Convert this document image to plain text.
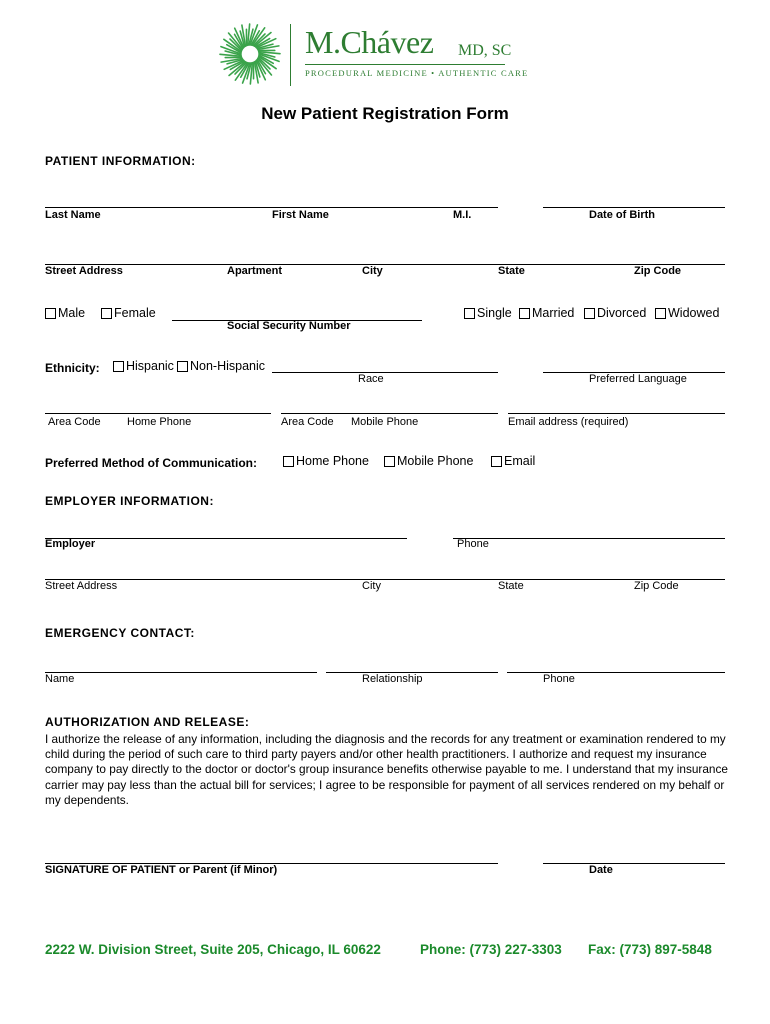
M.Chávez MD, SC
PROCEDURAL MEDICINE • AUTHENTIC CARE
New Patient Registration Form
PATIENT INFORMATION:
Last Name	First Name	M.I.	Date of Birth
Street Address	Apartment	City	State	Zip Code
Male Female
Social Security Number
Single Married Divorced Widowed
Ethnicity: Hispanic Non-Hispanic
Race	Preferred Language
Area Code Home Phone	Area Code Mobile Phone	Email address (required)
Preferred Method of Communication:	Home Phone Mobile Phone Email
EMPLOYER INFORMATION:
Employer	Phone
Street Address	City	State	Zip Code
EMERGENCY CONTACT:
Name	Relationship	Phone
AUTHORIZATION AND RELEASE:
I authorize the release of any information, including the diagnosis and the records for any treatment or examination rendered to my child during the period of such care to third party payers and/or other health practitioners. I authorize and request my insurance company to pay directly to the doctor or doctor's group insurance benefits otherwise payable to me. I understand that my insurance carrier may pay less than the actual bill for services; I agree to be responsible for payment of all services rendered on my behalf or my dependents.
SIGNATURE OF PATIENT or Parent (if Minor)	Date
2222 W. Division Street, Suite 205, Chicago, IL 60622	Phone: (773) 227-3303 Fax: (773) 897-5848
